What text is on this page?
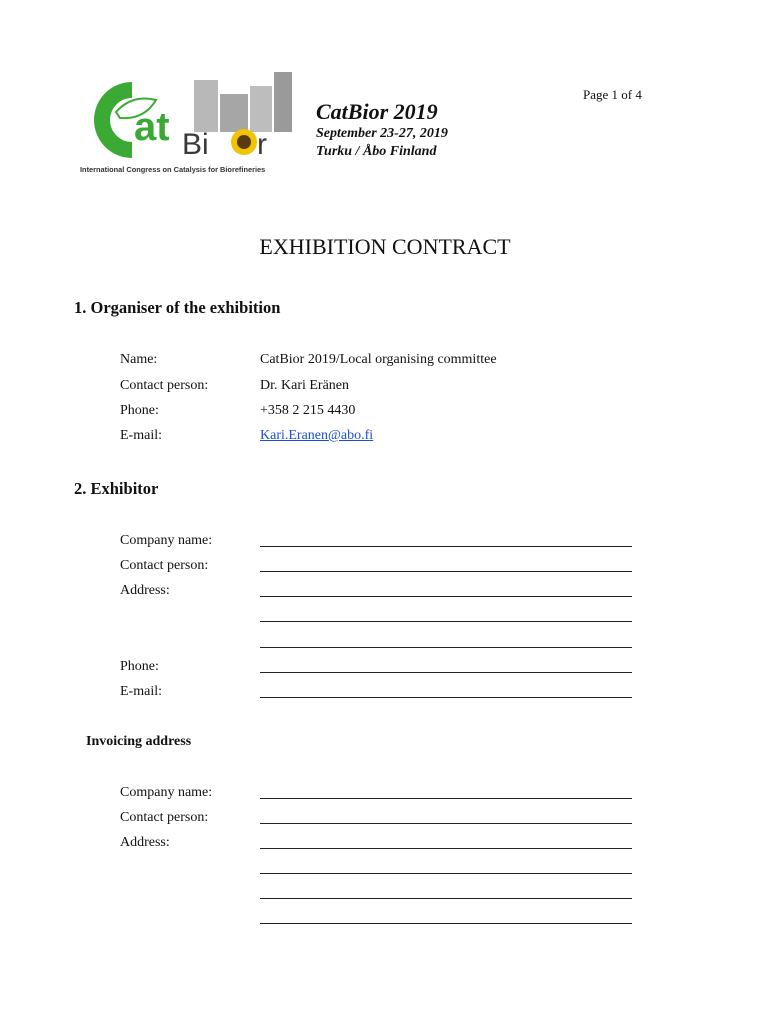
at Bi r
International Congress on Catalysis for Biorefineries
Page 1 of 4
CatBior 2019
September 23-27, 2019
Turku / Åbo Finland
EXHIBITION CONTRACT
1. Organiser of the exhibition
Name:	CatBior 2019/Local organising committee
Contact person:	Dr. Kari Eränen
Phone:	+358 2 215 4430
E-mail:	Kari.Eranen@abo.fi
2. Exhibitor
Company name:
Contact person:
Address:
Phone:
E-mail:
Invoicing address
Company name:
Contact person:
Address:
